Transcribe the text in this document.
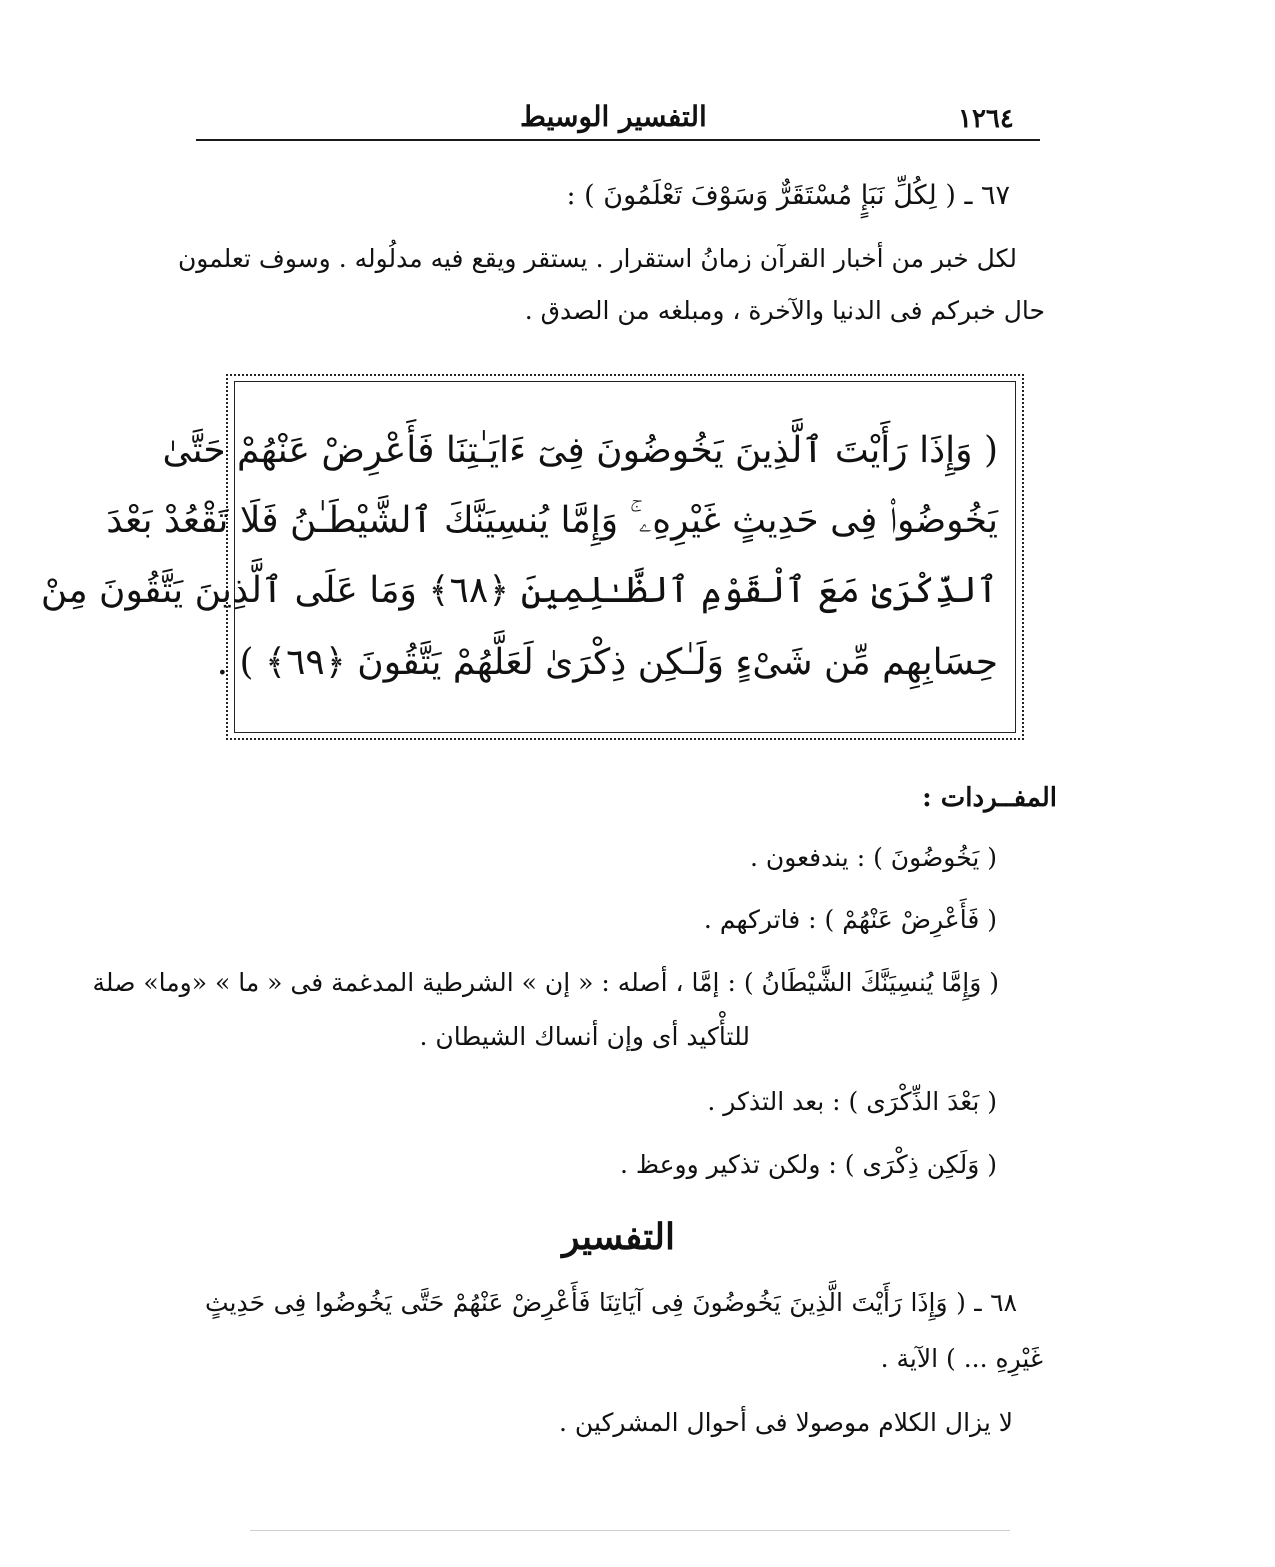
١٢٦٤
التفسير الوسيط
٦٧ ـ ( لِكُلِّ نَبَإٍ مُسْتَقَرٌّ وَسَوْفَ تَعْلَمُونَ ) :
لكل خبر من أخبار القرآن زمانُ استقرار . يستقر ويقع فيه مدلُوله . وسوف تعلمون
حال خبركم فى الدنيا والآخرة ، ومبلغه من الصدق .
( وَإِذَا رَأَيْتَ ٱلَّذِينَ يَخُوضُونَ فِىٓ ءَايَـٰتِنَا فَأَعْرِضْ عَنْهُمْ حَتَّىٰ
يَخُوضُوا۟ فِى حَدِيثٍ غَيْرِهِۦ ۚ وَإِمَّا يُنسِيَنَّكَ ٱلشَّيْطَـٰنُ فَلَا تَقْعُدْ بَعْدَ
ٱلذِّكْرَىٰ مَعَ ٱلْقَوْمِ ٱلظَّـٰلِمِينَ ﴿٦٨﴾ وَمَا عَلَى ٱلَّذِينَ يَتَّقُونَ مِنْ
حِسَابِهِم مِّن شَىْءٍ وَلَـٰكِن ذِكْرَىٰ لَعَلَّهُمْ يَتَّقُونَ ﴿٦٩﴾ ) .
المفــردات :
( يَخُوضُونَ ) : يندفعون .
( فَأَعْرِضْ عَنْهُمْ ) : فاتركهم .
( وَإِمَّا يُنسِيَنَّكَ الشَّيْطَانُ ) : إمَّا ، أصله : « إن » الشرطية المدغمة فى « ما » «وما» صلة
للتأْكيد أى وإن أنساك الشيطان .
( بَعْدَ الذِّكْرَى ) : بعد التذكر .
( وَلَكِن ذِكْرَى ) : ولكن تذكير ووعظ .
التفسير
٦٨ ـ ( وَإِذَا رَأَيْتَ الَّذِينَ يَخُوضُونَ فِى آيَاتِنَا فَأَعْرِضْ عَنْهُمْ حَتَّى يَخُوضُوا فِى حَدِيثٍ
غَيْرِهِ ... ) الآية .
لا يزال الكلام موصولا فى أحوال المشركين .
